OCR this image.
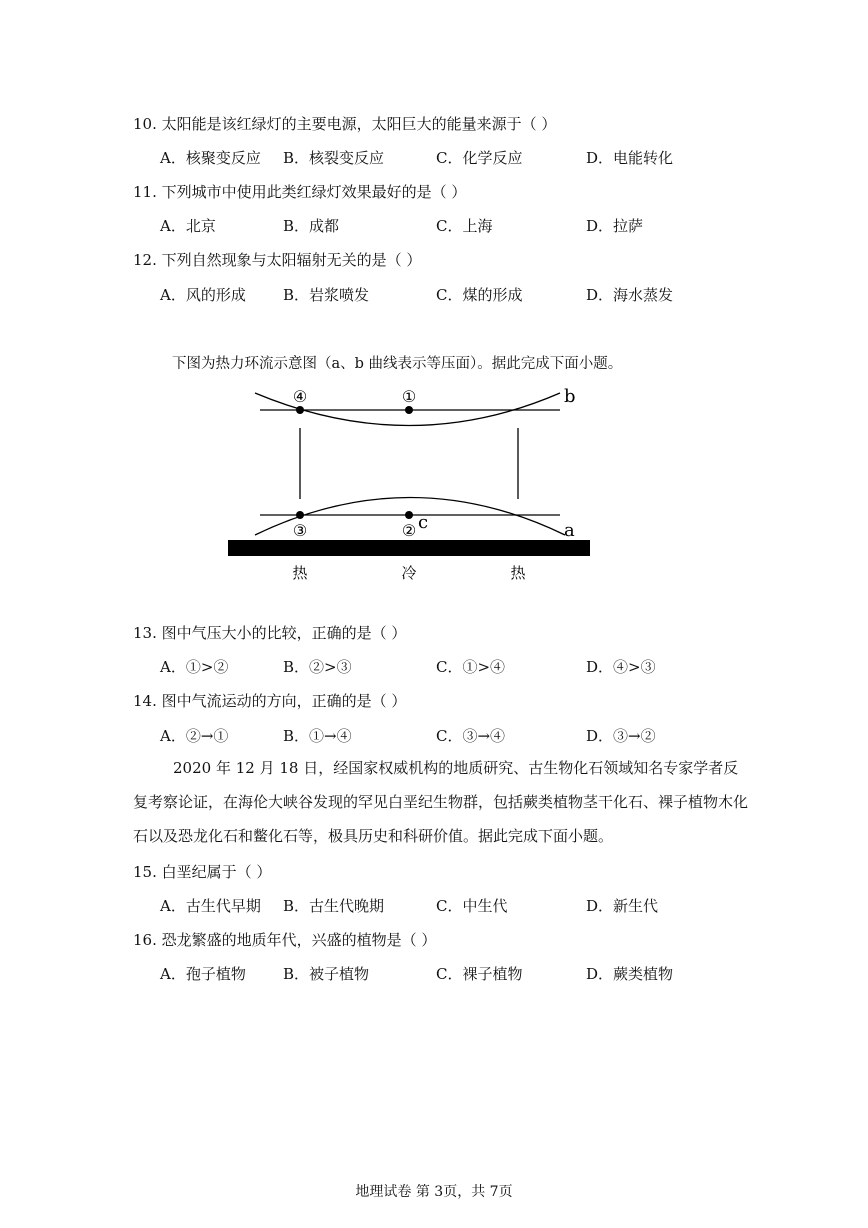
10. 太阳能是该红绿灯的主要电源，太阳巨大的能量来源于（ ）
A．核聚变反应 B．核裂变反应	C．化学反应	D．电能转化
11. 下列城市中使用此类红绿灯效果最好的是（ ）
A．北京	B．成都	C．上海	D．拉萨
12. 下列自然现象与太阳辐射无关的是（ ）
A．风的形成 B．岩浆喷发	C．煤的形成	D．海水蒸发
下图为热力环流示意图（a、b 曲线表示等压面）。据此完成下面小题。
④	①
③	②
b
a
c
热	冷	热
13. 图中气压大小的比较，正确的是（ ）
A．①>②	B．②>③	C．①>④	D．④>③
14. 图中气流运动的方向，正确的是（ ）
A．②→①	B．①→④	C．③→④	D．③→②
2020 年 12 月 18 日，经国家权威机构的地质研究、古生物化石领域知名专家学者反复考察论证，在海伦大峡谷发现的罕见白垩纪生物群，包括蕨类植物茎干化石、裸子植物木化石以及恐龙化石和鳖化石等，极具历史和科研价值。据此完成下面小题。
15. 白垩纪属于（ ）
A．古生代早期 B．古生代晚期	C．中生代	D．新生代
16. 恐龙繁盛的地质年代，兴盛的植物是（ ）
A．孢子植物 B．被子植物	C．裸子植物	D．蕨类植物
地理试卷 第 3页，共 7页
